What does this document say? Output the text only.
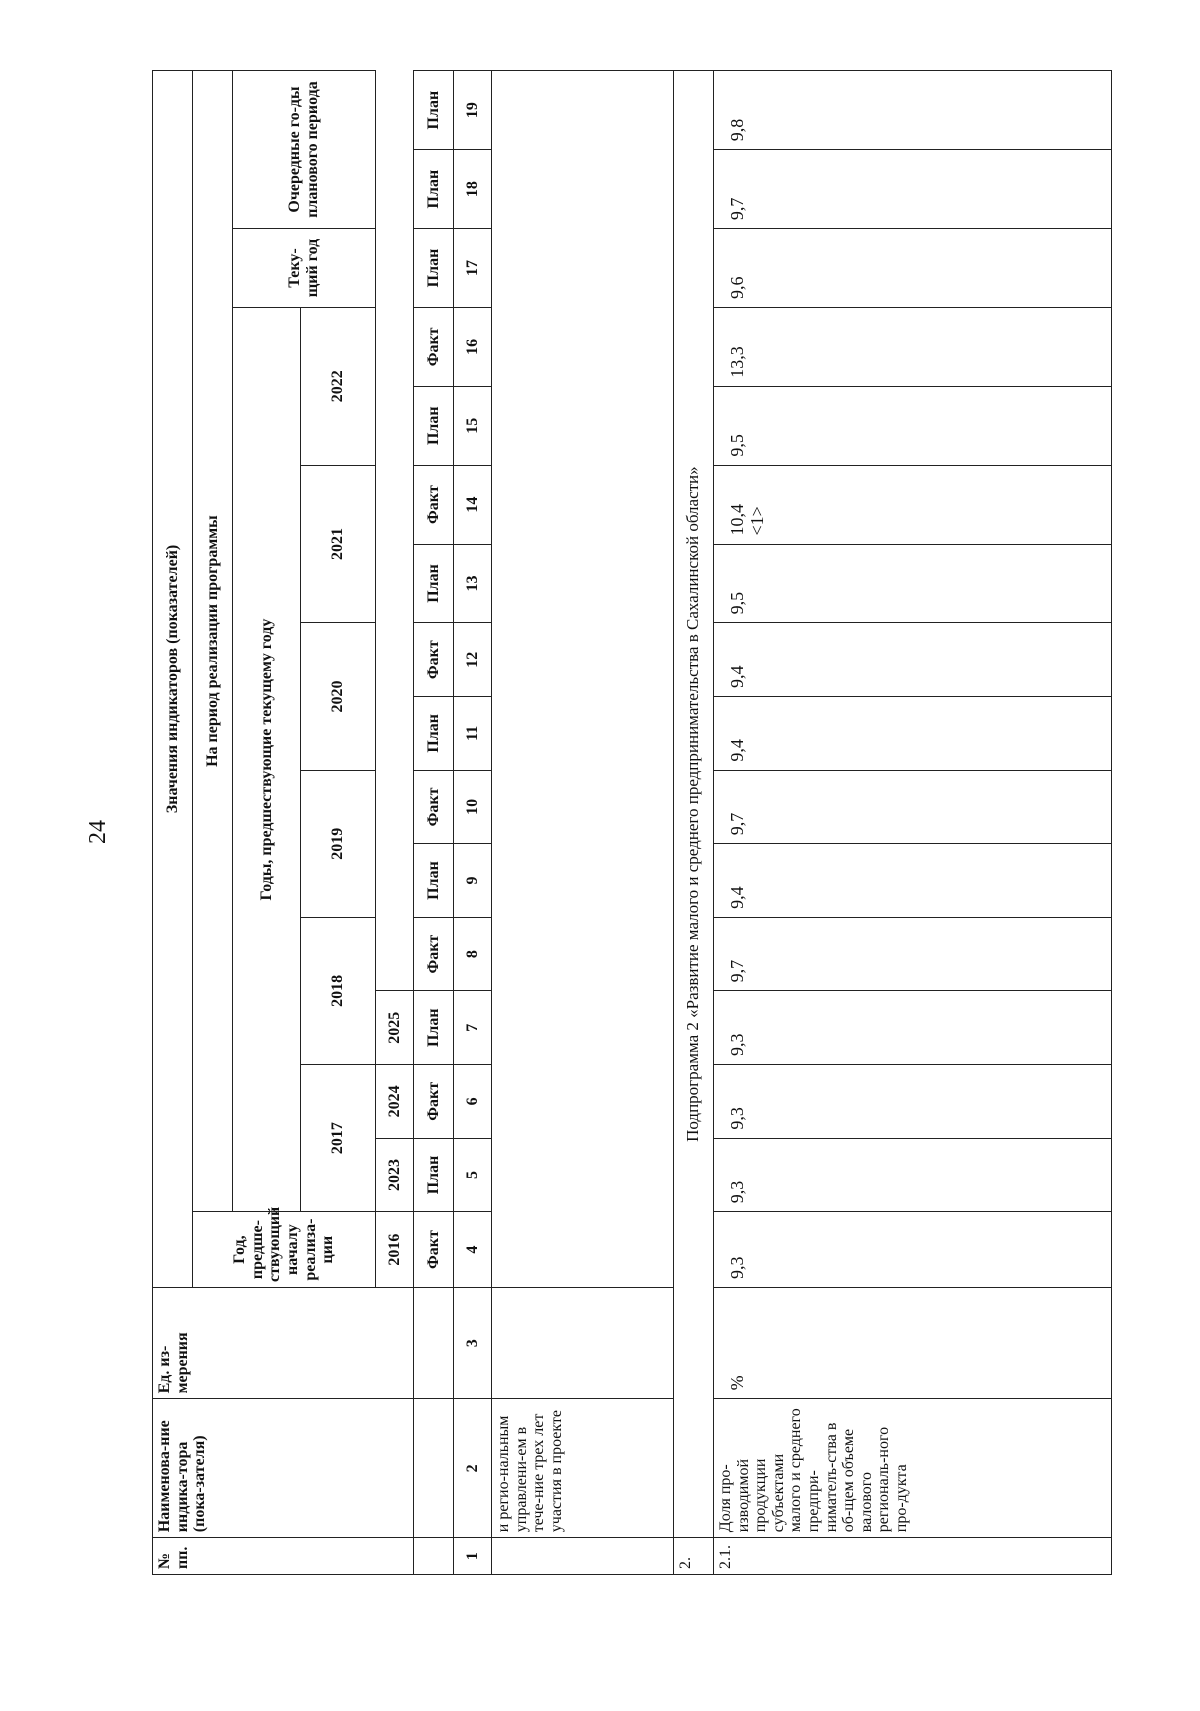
24
№ пп.	Наименова-ние индика-тора (пока-зателя)	Ед. из-мерения	Значения индикаторов (показателей)															
			Год, предше-ствующий началу реализа-ции	На период реализации программы														
				Годы, предшествующие текущему году												Теку-щий год	Очередные го-ды планового периода	
				2017		2018		2019		2020		2021		2022				
			2016	2023	2024	2025												
			Факт	План	Факт	План	Факт	План	Факт	План	Факт	План	Факт	План	Факт	План	План	План
1	2	3	4	5	6	7	8	9	10	11	12	13	14	15	16	17	18	19
	и регио-нальным управлени-ем в тече-ние трех лет участия в проекте																	
2.	Подпрограмма 2 «Развитие малого и среднего предпринимательства в Сахалинской области»																	
2.1.	Доля про-изводимой продукции субъектами малого и среднего предпри-нимателъ-ства в об-щем объеме валового региональ-ного про-дукта	%	9,3	9,3	9,3	9,3	9,7	9,4	9,7	9,4	9,4	9,5	10,4 <1>	9,5	13,3	9,6	9,7	9,8
